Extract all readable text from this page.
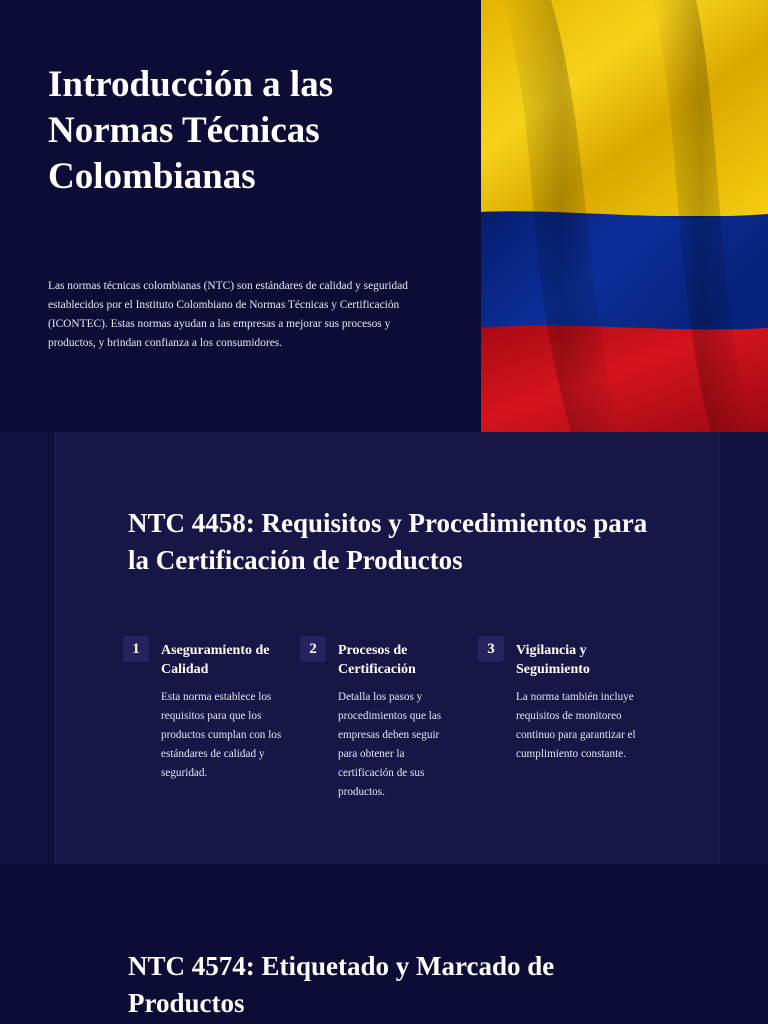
Introducción a las Normas Técnicas Colombianas

Las normas técnicas colombianas (NTC) son estándares de calidad y seguridad establecidos por el Instituto Colombiano de Normas Técnicas y Certificación (ICONTEC). Estas normas ayudan a las empresas a mejorar sus procesos y productos, y brindan confianza a los consumidores.

NTC 4458: Requisitos y Procedimientos para la Certificación de Productos
1	Aseguramiento de Calidad
Esta norma establece los requisitos para que los productos cumplan con los estándares de calidad y seguridad.
2	Procesos de Certificación
Detalla los pasos y procedimientos que las empresas deben seguir para obtener la certificación de sus productos.
3	Vigilancia y Seguimiento
La norma también incluye requisitos de monitoreo continuo para garantizar el cumplimiento constante.
NTC 4574: Etiquetado y Marcado de Productos
